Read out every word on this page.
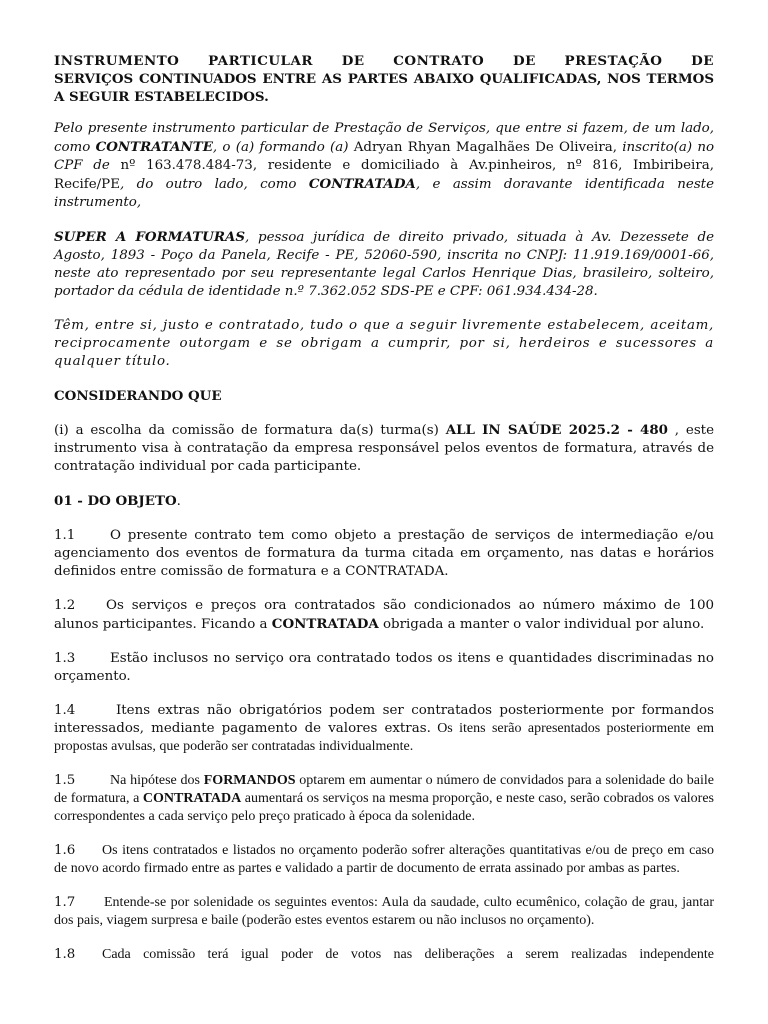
INSTRUMENTO PARTICULAR DE CONTRATO DE PRESTAÇÃO DE
SERVIÇOS CONTINUADOS ENTRE AS PARTES ABAIXO QUALIFICADAS, NOS TERMOS A SEGUIR ESTABELECIDOS.

Pelo presente instrumento particular de Prestação de Serviços, que entre si fazem, de um lado, como CONTRATANTE, o (a) formando (a) Adryan Rhyan Magalhães De Oliveira, inscrito(a) no CPF de nº 163.478.484-73, residente e domiciliado à Av.pinheiros, nº 816, Imbiribeira, Recife/PE, do outro lado, como CONTRATADA, e assim doravante identificada neste instrumento,

SUPER A FORMATURAS, pessoa jurídica de direito privado, situada à Av. Dezessete de Agosto, 1893 - Poço da Panela, Recife - PE, 52060-590, inscrita no CNPJ: 11.919.169/0001-66, neste ato representado por seu representante legal Carlos Henrique Dias, brasileiro, solteiro, portador da cédula de identidade n.º 7.362.052 SDS-PE e CPF: 061.934.434-28.

Têm, entre si, justo e contratado, tudo o que a seguir livremente estabelecem, aceitam, reciprocamente outorgam e se obrigam a cumprir, por si, herdeiros e sucessores a qualquer título.

CONSIDERANDO QUE

(i) a escolha da comissão de formatura da(s) turma(s) ALL IN SAÚDE 2025.2 - 480 , este instrumento visa à contratação da empresa responsável pelos eventos de formatura, através de contratação individual por cada participante.

01 - DO OBJETO.

1.1	O presente contrato tem como objeto a prestação de serviços de intermediação e/ou agenciamento dos eventos de formatura da turma citada em orçamento, nas datas e horários definidos entre comissão de formatura e a CONTRATADA.

1.2 Os serviços e preços ora contratados são condicionados ao número máximo de 100 alunos participantes. Ficando a CONTRATADA obrigada a manter o valor individual por aluno.

1.3	Estão inclusos no serviço ora contratado todos os itens e quantidades discriminadas no orçamento.

1.4	Itens extras não obrigatórios podem ser contratados posteriormente por formandos interessados, mediante pagamento de valores extras. Os itens serão apresentados posteriormente em propostas avulsas, que poderão ser contratadas individualmente.

1.5 Na hipótese dos FORMANDOS optarem em aumentar o número de convidados para a solenidade do baile de formatura, a CONTRATADA aumentará os serviços na mesma proporção, e neste caso, serão cobrados os valores correspondentes a cada serviço pelo preço praticado à época da solenidade.

1.6 Os itens contratados e listados no orçamento poderão sofrer alterações quantitativas e/ou de preço em caso de novo acordo firmado entre as partes e validado a partir de documento de errata assinado por ambas as partes.

1.7 Entende-se por solenidade os seguintes eventos: Aula da saudade, culto ecumênico, colação de grau, jantar dos pais, viagem surpresa e baile (poderão estes eventos estarem ou não inclusos no orçamento).

1.8 Cada comissão terá igual poder de votos nas deliberações a serem realizadas independente
